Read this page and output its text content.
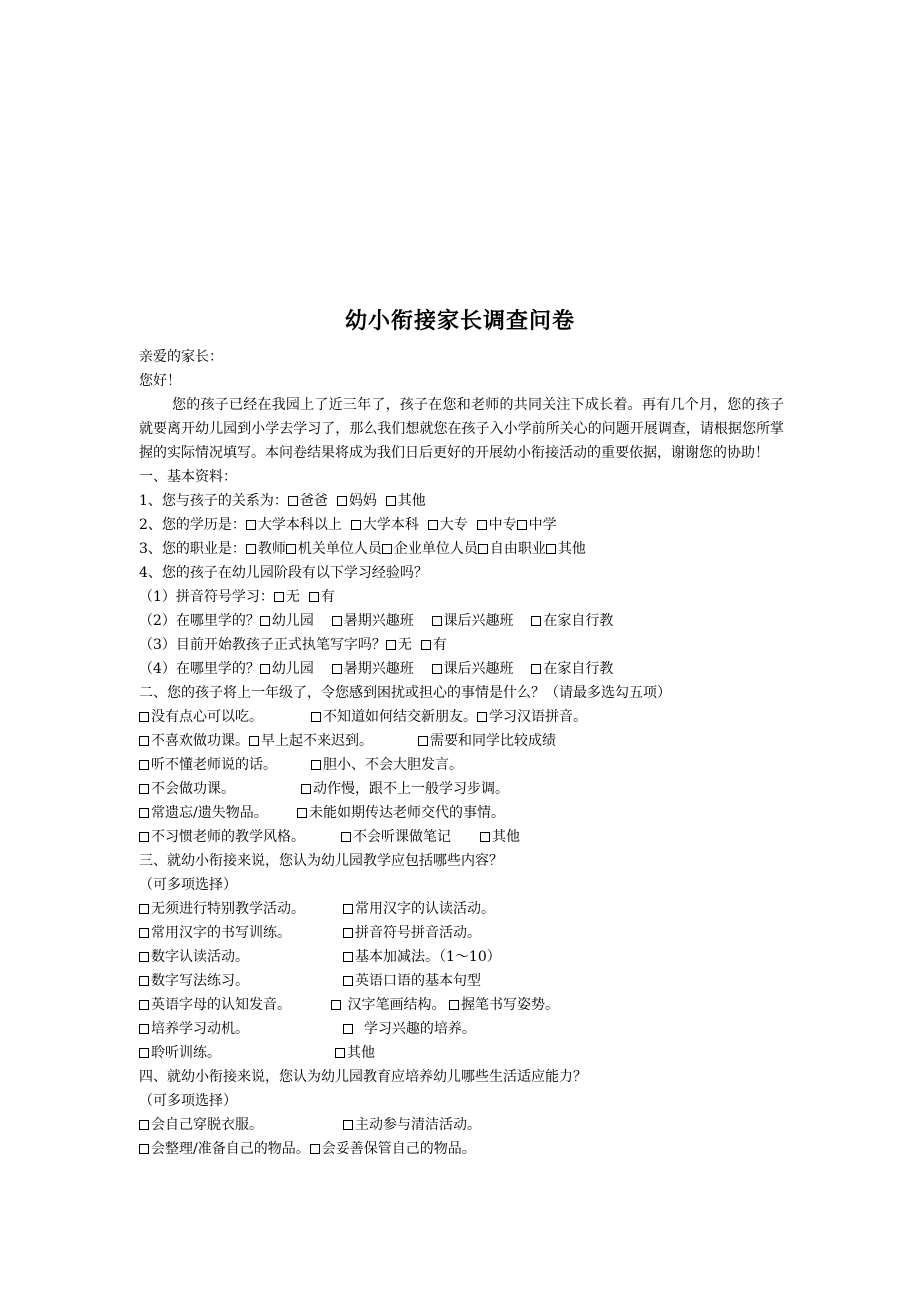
幼小衔接家长调查问卷
亲爱的家长：
您好！
您的孩子已经在我园上了近三年了，孩子在您和老师的共同关注下成长着。再有几个月，您的孩子就要离开幼儿园到小学去学习了，那么我们想就您在孩子入小学前所关心的问题开展调查，请根据您所掌握的实际情况填写。本问卷结果将成为我们日后更好的开展幼小衔接活动的重要依据，谢谢您的协助！
一、基本资料：
1、您与孩子的关系为： 爸爸 妈妈 其他
2、您的学历是： 大学本科以上 大学本科 大专 中专 中学
3、您的职业是： 教师 机关单位人员 企业单位人员 自由职业 其他
4、您的孩子在幼儿园阶段有以下学习经验吗？
（1）拼音符号学习： 无 有
（2）在哪里学的？ 幼儿园 暑期兴趣班 课后兴趣班 在家自行教
（3）目前开始教孩子正式执笔写字吗？ 无 有
（4）在哪里学的？ 幼儿园 暑期兴趣班 课后兴趣班 在家自行教
二、您的孩子将上一年级了，令您感到困扰或担心的事情是什么？（请最多选勾五项）
没有点心可以吃。	不知道如何结交新朋友。 学习汉语拼音。
不喜欢做功课。 早上起不来迟到。	需要和同学比较成绩
听不懂老师说的话。	胆小、不会大胆发言。
不会做功课。	动作慢，跟不上一般学习步调。
常遗忘/遗失物品。	未能如期传达老师交代的事情。
不习惯老师的教学风格。	不会听课做笔记	其他
三、就幼小衔接来说，您认为幼儿园教学应包括哪些内容？
（可多项选择）
无须进行特别教学活动。	常用汉字的认读活动。
常用汉字的书写训练。	拼音符号拼音活动。
数字认读活动。	基本加减法。（1～10）
数字写法练习。	英语口语的基本句型
英语字母的认知发音。	汉字笔画结构。 握笔书写姿势。
培养学习动机。	学习兴趣的培养。
聆听训练。	其他
四、就幼小衔接来说，您认为幼儿园教育应培养幼儿哪些生活适应能力？
（可多项选择）
会自己穿脱衣服。	主动参与清洁活动。
会整理/准备自己的物品。 会妥善保管自己的物品。
